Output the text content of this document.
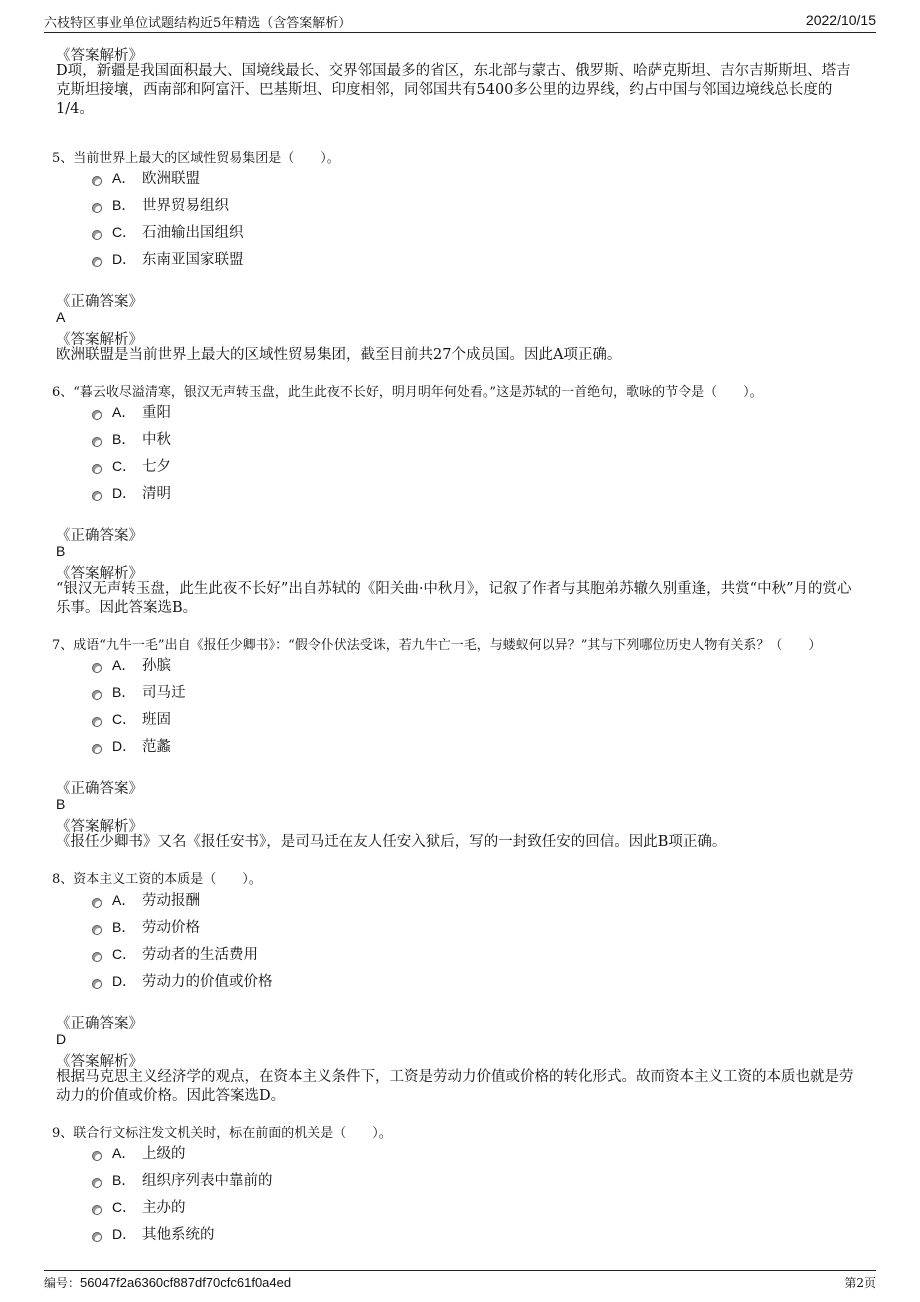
六枝特区事业单位试题结构近5年精选（含答案解析）	2022/10/15
《答案解析》
D项，新疆是我国面积最大、国境线最长、交界邻国最多的省区，东北部与蒙古、俄罗斯、哈萨克斯坦、吉尔吉斯斯坦、塔吉克斯坦接壤，西南部和阿富汗、巴基斯坦、印度相邻，同邻国共有5400多公里的边界线，约占中国与邻国边境线总长度的1/4。
5、当前世界上最大的区域性贸易集团是（　　）。
A． 欧洲联盟
B． 世界贸易组织
C． 石油输出国组织
D． 东南亚国家联盟
《正确答案》
A
《答案解析》
欧洲联盟是当前世界上最大的区域性贸易集团，截至目前共27个成员国。因此A项正确。
6、“暮云收尽溢清寒，银汉无声转玉盘，此生此夜不长好，明月明年何处看。”这是苏轼的一首绝句，歌咏的节令是（　　）。
A． 重阳
B． 中秋
C． 七夕
D． 清明
《正确答案》
B
《答案解析》
“银汉无声转玉盘，此生此夜不长好”出自苏轼的《阳关曲·中秋月》，记叙了作者与其胞弟苏辙久别重逢，共赏“中秋”月的赏心乐事。因此答案选B。
7、成语“九牛一毛”出自《报任少卿书》：“假令仆伏法受诛，若九牛亡一毛，与蝼蚁何以异？”其与下列哪位历史人物有关系？（　　）
A． 孙膑
B． 司马迁
C． 班固
D． 范蠡
《正确答案》
B
《答案解析》
《报任少卿书》又名《报任安书》，是司马迁在友人任安入狱后，写的一封致任安的回信。因此B项正确。
8、资本主义工资的本质是（　　）。
A． 劳动报酬
B． 劳动价格
C． 劳动者的生活费用
D． 劳动力的价值或价格
《正确答案》
D
《答案解析》
根据马克思主义经济学的观点，在资本主义条件下，工资是劳动力价值或价格的转化形式。故而资本主义工资的本质也就是劳动力的价值或价格。因此答案选D。
9、联合行文标注发文机关时，标在前面的机关是（　　）。
A． 上级的
B． 组织序列表中靠前的
C． 主办的
D． 其他系统的
编号：56047f2a6360cf887df70cfc61f0a4ed	第2页
